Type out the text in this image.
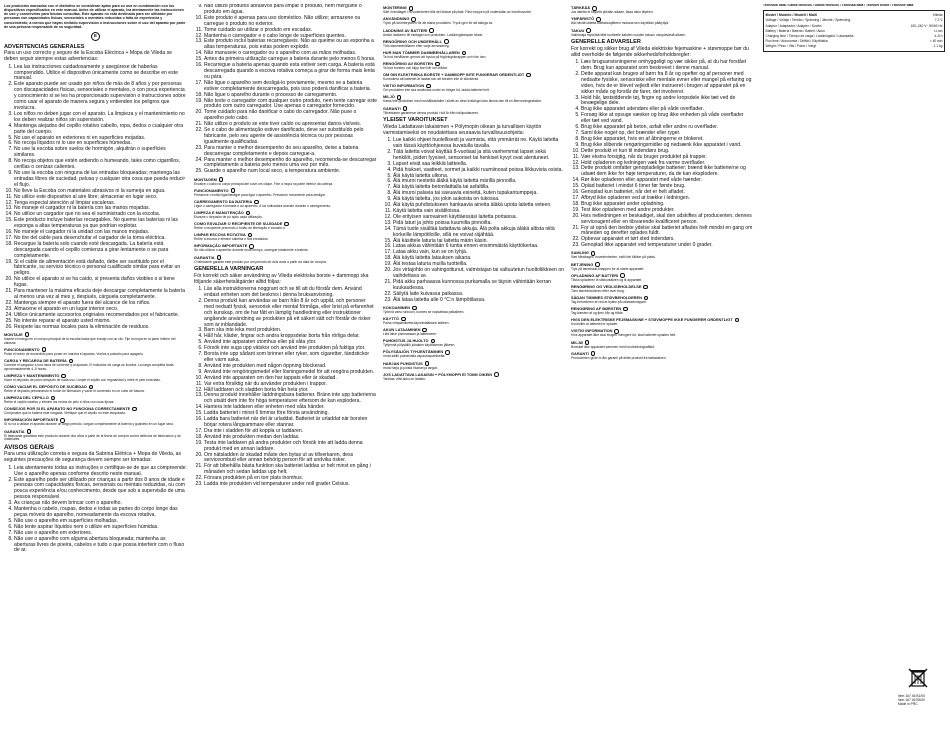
Los productos marcados con el distintivo se consideran aptos para su uso en combinación con los dispositivos especificados en este manual. Antes de utilizar el aparato, lea atentamente las instrucciones de uso y consérvelas para futuras consultas. Este aparato no está destinado para ser utilizado por personas con capacidades físicas, sensoriales o mentales reducidas o falta de experiencia y conocimiento, a menos que hayan recibido supervisión o instrucciones sobre el uso del aparato por parte de una persona responsable de su seguridad.

E
ADVERTENCIAS GENERALES

Para un uso correcto y seguro de la Escoba Eléctrica + Mopa de Vileda se deben seguir siempre estas advertencias:

1. Lea las instrucciones cuidadosamente y asegúrese de haberlas comprendido. Utilice el dispositivo únicamente como se describe en este manual.
2. Este aparato puede ser usado por niños de más de 8 años y por personas con discapacidades físicas, sensoriales o mentales, o con poca experiencia y conocimiento si se les ha proporcionado supervisión o instrucciones sobre como usar el aparato de manera segura y entienden los peligros que involucra.
3. Los niños no deben jugar con el aparato. La limpieza y el mantenimiento no los deben realizar niños sin supervisión.
4. Mantenga alejados del cepillo rotativo cabello, ropa, dedos o cualquier otra parte del cuerpo.
5. No use el aparato en exteriores ni en superficies mojadas.
6. No recoja líquidos ni lo use en superficies húmedas.
7. No use la escoba sobre suelos de hormigón, alquitrán o superficies similares.
8. No recoja objetos que estén ardiendo o humeando, tales como cigarrillos, cerillas o cenizas calientes.
9. No use la escoba con ninguna de las entradas bloqueadas; mantenga las entradas libres de suciedad, pelusa y cualquier otra cosa que pueda reducir el flujo.
10. No lleve la Escoba con materiales abrasivos ni la sumerja en agua.
11. No utilice este dispositivo al aire libre; almacenar en lugar seco.
12. Tenga especial atención al limpiar escaleras.
13. No maneje el cargador ni la batería con las manos mojadas.
14. No utilice un cargador que no sea el suministrado con la escoba.
15. Este producto incluye baterías recargables. No queme las baterías ni las exponga a altas temperaturas ya que podrían explotar.
16. No maneje el cargador ni la unidad con las manos mojadas.
17. No tire del cable para desenchufar el cargador de la toma eléctrica.
18. Recargue la batería solo cuando esté descargada. La batería está descargada cuando el cepillo comienza a girar lentamente o se para completamente.
19. Si el cable de alimentación está dañado, debe ser sustituido por el fabricante, su servicio técnico o personal cualificado similar para evitar un peligro.
20. No utilice el aparato si se ha caído, si presenta daños visibles o si tiene fugas.
21. Para mantener la máxima eficacia deje descargar completamente la batería al menos una vez al mes y, después, cárguela completamente.
22. Mantenga siempre el aparato fuera del alcance de los niños.
23. Almacene el aparato en un lugar interior seco.
24. Utilice únicamente accesorios originales recomendados por el fabricante.
25. No intente reparar el aparato usted mismo.
26. Respete las normas locales para la eliminación de residuos.
MONTAJE

Inserte el mango en el cuerpo principal de la escoba hasta que encaje con un clic. Fije la mopa en la parte inferior del cabezal.

FUNCIONAMIENTO

Pulse el botón de encendido para poner en marcha el aparato. Vuelva a pulsarlo para apagarlo.

CARGA Y RECARGA DE BATERÍA

Conecte el cargador a una toma de corriente y al aparato. El indicador de carga se ilumina. La carga completa tarda aproximadamente 4–5 horas.

LIMPIEZA Y MANTENIMIENTO

Vacíe el depósito de polvo después de cada uso. Limpie el cepillo con regularidad y retire el pelo enredado.

CÓMO VACIAR EL DEPÓSITO DE SUCIEDAD

Retire el depósito presionando el botón de liberación y vacíe el contenido en un cubo de basura.

LIMPIEZA DEL CEPILLO

Retire el cepillo rotativo y elimine los restos de pelo e hilos con unas tijeras.

CONSEJOS POR SI EL APARATO NO FUNCIONA CORRECTAMENTE

Compruebe que la batería esté cargada. Verifique que el cepillo no esté bloqueado.

INFORMACIÓN IMPORTANTE

Si no va a utilizar el aparato durante un largo periodo, cargue completamente la batería y guárdelo en un lugar seco.

GARANTÍA

El fabricante garantiza este producto durante dos años a partir de la fecha de compra contra defectos de fabricación y de materiales.

AVISOS GERAIS

Para uma utilização correta e segura da Sabrina Elétrica + Mopa de Vileda, as seguintes precauções de segurança devem sempre ser tomadas:

1. Leia atentamente todas as instruções e certifique-se de que as compreende. Use o aparelho apenas conforme descrito neste manual.
2. Este aparelho pode ser utilizado por crianças a partir dos 8 anos de idade e pessoas com capacidades físicas, sensoriais ou mentais reduzidas, ou com pouca experiência e/ou conhecimento, desde que sob a supervisão de uma pessoa responsável.
3. As crianças não devem brincar com o aparelho.
4. Mantenha o cabelo, roupas, dedos e todas as partes do corpo longe das peças móveis do aparelho, nomeadamente da escova rotativa.
5. Não use o aparelho em superfícies molhadas.
6. Não tente aspirar líquidos nem o utilize em superfícies húmidas.
7. Não use o aparelho em exteriores.
8. Não use o aparelho com alguma abertura bloqueada; mantenha as aberturas livres de poeira, cabelos e tudo o que possa interferir com o fluxo de ar.
9. Não utilize produtos abrasivos para limpar o produto, nem mergulhe o produto em água.
10. Este produto é apenas para uso doméstico. Não utilize; armazene ou carregue o produto no exterior.
11. Tome cuidado ao utilizar o produto em escadas.
12. Mantenha o carregador e o cabo longe de superfícies quentes.
13. Este produto inclui baterias recarregáveis. Não as queime ou as exponha a altas temperaturas, pois estas podem explodir.
14. Não manuseie o carregador ou o aparelho com as mãos molhadas.
15. Antes da primeira utilização carregue a bateria durante pelo menos 6 horas.
16. Recarregue a bateria apenas quando esta estiver sem carga. A bateria está descarregada quando a escova rotativa começa a girar de forma mais lenta ou pára.
17. Não ligue o aparelho sem desligá-lo previamente, mesmo se a bateria estiver completamente descarregada, pois isso poderá danificar a bateria.
18. Não ligue o aparelho durante o processo de carregamento.
19. Não teste o carregador com qualquer outro produto, nem tente carregar este produto com outro carregador. Use apenas o carregador fornecido.
20. Tome cuidado para não danificar o cabo do carregador. Não puxe o aparelho pelo cabo.
21. Não utilize o produto se este tiver caído ou apresentar danos visíveis.
22. Se o cabo de alimentação estiver danificado, deve ser substituído pelo fabricante, pelo seu agente de assistência técnica ou por pessoas igualmente qualificadas.
23. Para manter o melhor desempenho do seu aparelho, deixe a bateria descarregar completamente e depois carregue-a.
24. Para manter o melhor desempenho do aparelho, recomenda-se descarregar completamente a bateria pelo menos uma vez por mês.
25. Guarde o aparelho num local seco, a temperatura ambiente.
MONTAGEM

Encaixe o cabo no corpo principal até ouvir um clique. Fixe a mopa na parte inferior da cabeça.

FUNCIONAMENTO

Pressione o botão ligar/desligar para ligar o aparelho. Pressione novamente para desligar.

CARREGAMENTO DA BATERIA

Ligue o carregador à tomada e ao aparelho. A luz indicadora acende durante o carregamento.

LIMPEZA E MANUTENÇÃO

Esvazie o depósito de pó após cada utilização.

COMO ESVAZIAR O RECIPIENTE DE SUJIDADE

Retire o recipiente premindo o botão de libertação e esvazie-o.

LIMPAR ESCOVA ROTATIVA

Retire a escova e elimine cabelos e fios enrolados.

INFORMAÇÃO IMPORTANTE

Se não utilizar o aparelho durante muito tempo, carregue totalmente a bateria.

GARANTIA

O fabricante garante este produto por um período de dois anos a partir da data de compra.

GENERELLA VARNINGAR

För korrekt och säker användning av Vileda elektriska borste + dammopp ska följande säkerhetsåtgärder alltid följas:

1. Läs alla instruktionerna noggrant och se till att du förstår dem. Använd endast enheten som det beskrivs i denna bruksanvisning.
2. Denna produkt kan användas av barn från 8 år och uppåt, och personer med nedsatt fysisk, sensorisk eller mental förmåga, eller brist på erfarenhet och kunskap, om de har fått en lämplig handledning eller instruktioner angående användning av produkten på ett säkert sätt och förstår de risker som är inblandade.
3. Barn ska inte leka med produkten.
4. Håll hår, kläder, fingrar och andra kroppsdelar borta från rörliga delar.
5. Använd inte apparaten utomhus eller på våta ytor.
6. Försök inte suga upp vätskor och använd inte produkten på fuktiga ytor.
7. Borsta inte upp sådant som brinner eller ryker, som cigaretter, tändstickor eller varm aska.
8. Använd inte produkten med någon öppning blockerad.
9. Använd inte rengöringsmedel eller lösningsmedel för att rengöra produkten.
10. Använd inte apparaten om den har tappats eller är skadad.
11. Var extra försiktig när du använder produkten i trappor.
12. Håll laddaren och sladden borta från heta ytor.
13. Denna produkt innehåller laddningsbara batterier. Bränn inte upp batterierna och utsätt dem inte för höga temperaturer eftersom de kan explodera.
14. Hantera inte laddaren eller enheten med våta händer.
15. Ladda batteriet i minst 6 timmar före första användning.
16. Ladda bara batteriet när det är urladdat. Batteriet är urladdat när borsten börjar rotera långsammare eller stannar.
17. Dra inte i sladden för att koppla ur laddaren.
18. Använd inte produkten medan den laddas.
19. Testa inte laddaren på andra produkter och försök inte att ladda denna produkt med en annan laddare.
20. Om nätsladden är skadad måste den bytas ut av tillverkaren, dess serviceombud eller annan behörig person för att undvika risker.
21. För att bibehålla bästa funktion ska batteriet laddas ur helt minst en gång i månaden och sedan laddas upp helt.
22. Förvara produkten på en torr plats inomhus.
23. Ladda inte produkten vid temperaturer under noll grader Celsius.
MONTERING

Sätt i handtaget i huvudenheten tills det klickar på plats. Fäst moppen på undersidan av borsthuvudet.

ANVÄNDNING

Tryck på strömbrytaren för att starta produkten. Tryck igen för att stänga av.

LADDNING AV BATTERI

Anslut laddaren till eluttaget och produkten. Laddningslampan tänds.

RENGÖRING OCH UNDERHÅLL

Töm dammbehållaren efter varje användning.

HUR MAN TÖMMER DAMMBEHÅLLAREN

Ta bort behållaren genom att trycka på frigöringsknappen och töm den.

RENGÖRING AV BORSTEN

Ta bort borsten och klipp bort hår och trådar.

OM DIN ELEKTRISKA BORSTE + DAMMOPP INTE FUNGERAR ORDENTLIGT

Kontrollera att batteriet är laddat och att borsten inte är blockerad.

VIKTIG INFORMATION

Om produkten inte ska användas under en längre tid, ladda batteriet helt.

MILJÖ

Kasta inte produkten med hushållsavfallet i slutet av dess livslängd utan lämna den till en återvinningsstation.

GARANTI

Tillverkaren garanterar denna produkt i två år från inköpsdatumet.

YLEISET VAROITUKSET

Vileda Ladattavan lakaisimen + Pölymopin oikean ja turvallisen käytön varmistamiseksi on noudatettava seuraavia turvallisuusohjeita:

1. Lue kaikki ohjeet huolellisesti ja varmista, että ymmärrät ne. Käytä laitetta vain tässä käyttöohjeessa kuvatulla tavalla.
2. Tätä laitetta voivat käyttää 8-vuotiaat ja sitä vanhemmat lapset sekä henkilöt, joiden fyysiset, sensoriset tai henkiset kyvyt ovat alentuneet.
3. Lapset eivät saa leikkiä laitteella.
4. Pidä hiukset, vaatteet, sormet ja kaikki ruumiinosat poissa liikkuvista osista.
5. Älä käytä laitetta ulkona.
6. Älä imuroi nesteitä äläkä käytä laitetta märillä pinnoilla.
7. Älä käytä laitetta betonilattialla tai asfaltilla.
8. Älä imuroi palavia tai savuavia esineitä, kuten tupakantumppeja.
9. Älä käytä laitetta, jos jokin aukoista on tukossa.
10. Älä käytä puhdistukseen hankaavia aineita äläkä upota laitetta veteen.
11. Käytä laitetta vain sisätiloissa.
12. Ole erityisen varovainen käyttäessäsi laitetta portaissa.
13. Pidä laturi ja johto poissa kuumilta pinnoilta.
14. Tämä tuote sisältää ladattavia akkuja. Älä polta akkuja äläkä altista niitä korkeille lämpötiloille, sillä ne voivat räjähtää.
15. Älä käsittele laturia tai laitetta märin käsin.
16. Lataa akkua vähintään 6 tuntia ennen ensimmäistä käyttökertaa.
17. Lataa akku vain, kun se on tyhjä.
18. Älä käytä laitetta latauksen aikana.
19. Älä testaa laturia muilla tuotteilla.
20. Jos virtajohto on vahingoittunut, valmistajan tai valtuutetun huoltoliikkeen on vaihdettava se.
21. Pidä akku parhaassa kunnossa purkamalla se täysin vähintään kerran kuukaudessa.
22. Säilytä laite kuivassa paikassa.
23. Älä lataa laitetta alle 0 °C:n lämpötilassa.
KOKOAMINEN

Työnnä varsi runkoon, kunnes se napsahtaa paikalleen.

KÄYTTÖ

Paina virtapainiketta käynnistääksesi laitteen.

AKUN LATAAMINEN

Liitä laturi pistorasiaan ja laitteeseen.

PUHDISTUS JA HUOLTO

Tyhjennä pölysäiliö jokaisen käyttökerran jälkeen.

PÖLYSÄILIÖN TYHJENTÄMINEN

Irrota säiliö painamalla vapautuspainiketta.

HARJAN PUHDISTUS

Irrota harja ja poista hiukset ja langat.

JOS LADATTAVA LAKAISIN + PÖLYMOPPI EI TOIMI OIKEIN

Tarkista, että akku on ladattu.

TÄRKEÄÄ

Jos laitetta ei käytetä pitkään aikaan, lataa akku täyteen.

YMPÄRISTÖ

Älä hävitä laitetta kotitalousjätteen mukana sen käyttöiän päätyttyä.

TAKUU

Valmistaja myöntää tälle tuotteelle kahden vuoden takuun ostopäivästä alkaen.

GENERELLE ADVARSLER

For korrekt og sikker brug af Vileda elektriske fejemaskine + støvmoppe bør du altid overholde de følgende sikkerhedsforholdsregler:

1. Læs brugsanvisningerne omhyggeligt og vær sikker på, at du har forstået dem. Brug kun apparatet som beskrevet i denne manual.
2. Dette apparat kan bruges af børn fra 8 år og opefter og af personer med nedsatte fysiske, sensoriske eller mentale evner eller mangel på erfaring og viden, hvis de er blevet vejledt eller instrueret i brugen af apparatet på en sikker måde og forstår de farer, det involverer.
3. Hold hår, løstsiddende tøj, fingre og andre kropsdele ikke tæt ved de bevægelige dele.
4. Brug ikke apparatet udendørs eller på våde overflader.
5. Forsøg ikke at opsuge væsker og brug ikke enheden på våde overflader eller tæt ved vand.
6. Brug ikke apparatet på beton, asfalt eller andre ru overflader.
7. Saml ikke noget op, der brænder eller ryger.
8. Brug ikke apparatet, hvis en af åbningerne er blokeret.
9. Brug ikke slibende rengøringsmidler og nedsænk ikke apparatet i vand.
10. Dette produkt er kun til indendørs brug.
11. Vær ekstra forsigtig, når du bruger produktet på trapper.
12. Hold opladeren og ledningen væk fra varme overflader.
13. Dette produkt omfatter genopladelige batterier; brænd ikke batterierne og udsæt dem ikke for høje temperaturer, da de kan eksplodere.
14. Rør ikke opladeren eller apparatet med våde hænder.
15. Oplad batteriet i mindst 6 timer før første brug.
16. Genoplad kun batteriet, når det er helt afladet.
17. Afbryd ikke opladeren ved at trække i ledningen.
18. Brug ikke apparatet under opladning.
19. Test ikke opladeren med andre produkter.
20. Hvis netledningen er beskadiget, skal den udskiftes af producenten, dennes serviceagent eller en tilsvarende kvalificeret person.
21. For at opnå den bedste ydelse skal batteriet aflades helt mindst en gang om måneden og derefter oplades fuldt.
22. Opbevar apparatet et tørt sted indendørs.
23. Genoplad ikke apparatet ved temperaturer under 0 grader.
SAMLING

Sæt håndtaget i hovedenheden, indtil det klikker på plads.

BETJENING

Tryk på tænd/sluk-knappen for at starte apparatet.

OPLADNING AF BATTERI

Tilslut opladeren til stikkontakten og til apparatet.

RENGØRING OG VEDLIGEHOLDELSE

Tøm støvbeholderen efter hver brug.

SÅDAN TØMMES STØVBEHOLDEREN

Tag beholderen af ved at trykke på udløserknappen.

RENGØRING AF BØRSTEN

Tag børsten af og fjern hår og tråde.

HVIS DEN ELEKTRISKE FEJEMASKINE + STØVMOPPE IKKE FUNGERER ORDENTLIGT

Kontrollér at batteriet er opladet.

VIGTIG INFORMATION

Hvis apparatet ikke skal bruges i længere tid, skal batteriet oplades helt.

MILJØ

Bortskaf ikke apparatet sammen med husholdningsaffald.

GARANTI

Producenten giver to års garanti på dette produkt fra købsdatoen.

Technical data / Datos técnicos / Dados técnicos / Tekniska data / Tekniset tiedot / Tekniske data
Model / Modelo / Modell / Malli	Vileda
Voltage / Voltaje / Tensão / Spänning / Jännite / Spænding	7.2 V
Adaptor / Adaptador / Adapter / Sovitin	100–240 V~ 50/60 Hz
Battery / Batería / Bateria / Batteri / Akku	Li-ion
Charging time / Tiempo de carga / Laddningstid / Latausaika	4–5 h
Run time / Autonomía / Drifttid / Käyttöaika	≈ 40 min
Weight / Peso / Vikt / Paino / Vægt	1.1 kg
Item 167 46 B1/00
Item 167 46 B3/00
Made in PRC
